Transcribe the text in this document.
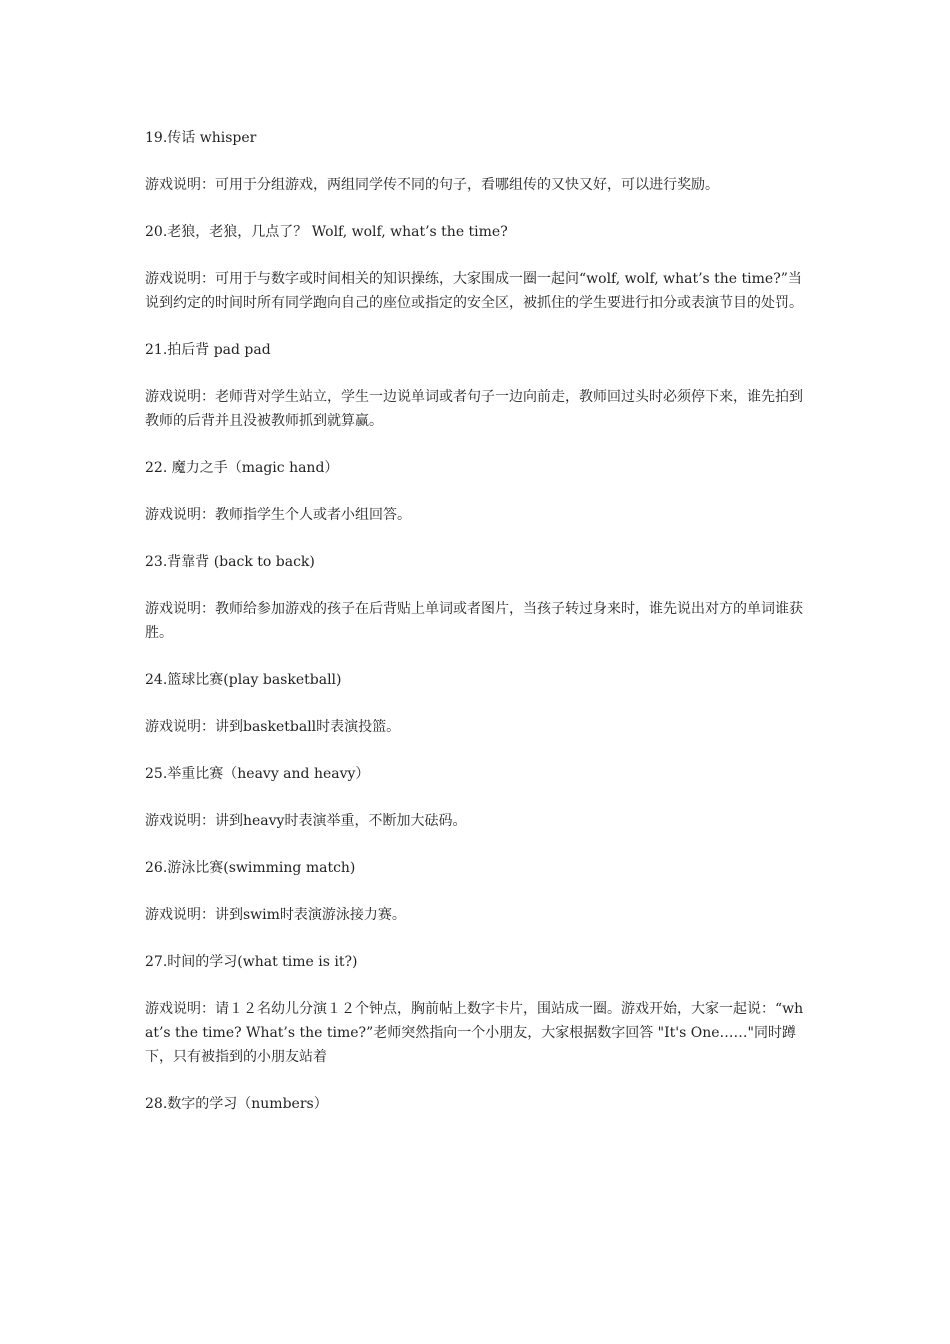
19.传话 whisper

游戏说明：可用于分组游戏，两组同学传不同的句子，看哪组传的又快又好，可以进行奖励。

20.老狼，老狼，几点了？ Wolf, wolf, what’s the time?

游戏说明：可用于与数字或时间相关的知识操练，大家围成一圈一起问“wolf, wolf, what’s the time?”当说到约定的时间时所有同学跑向自己的座位或指定的安全区，被抓住的学生要进行扣分或表演节目的处罚。

21.拍后背 pad pad

游戏说明：老师背对学生站立，学生一边说单词或者句子一边向前走，教师回过头时必须停下来，谁先拍到教师的后背并且没被教师抓到就算赢。

22. 魔力之手（magic hand）

游戏说明：教师指学生个人或者小组回答。

23.背靠背 (back to back)

游戏说明：教师给参加游戏的孩子在后背贴上单词或者图片，当孩子转过身来时，谁先说出对方的单词谁获胜。

24.篮球比赛(play basketball)

游戏说明：讲到basketball时表演投篮。

25.举重比赛（heavy and heavy）

游戏说明：讲到heavy时表演举重，不断加大砝码。

26.游泳比赛(swimming match)

游戏说明：讲到swim时表演游泳接力赛。

27.时间的学习(what time is it?)

游戏说明：请１２名幼儿分演１２个钟点，胸前帖上数字卡片，围站成一圈。游戏开始，大家一起说：“what’s the time? What’s the time?”老师突然指向一个小朋友，大家根据数字回答 "It's One……"同时蹲下，只有被指到的小朋友站着

28.数字的学习（numbers）
